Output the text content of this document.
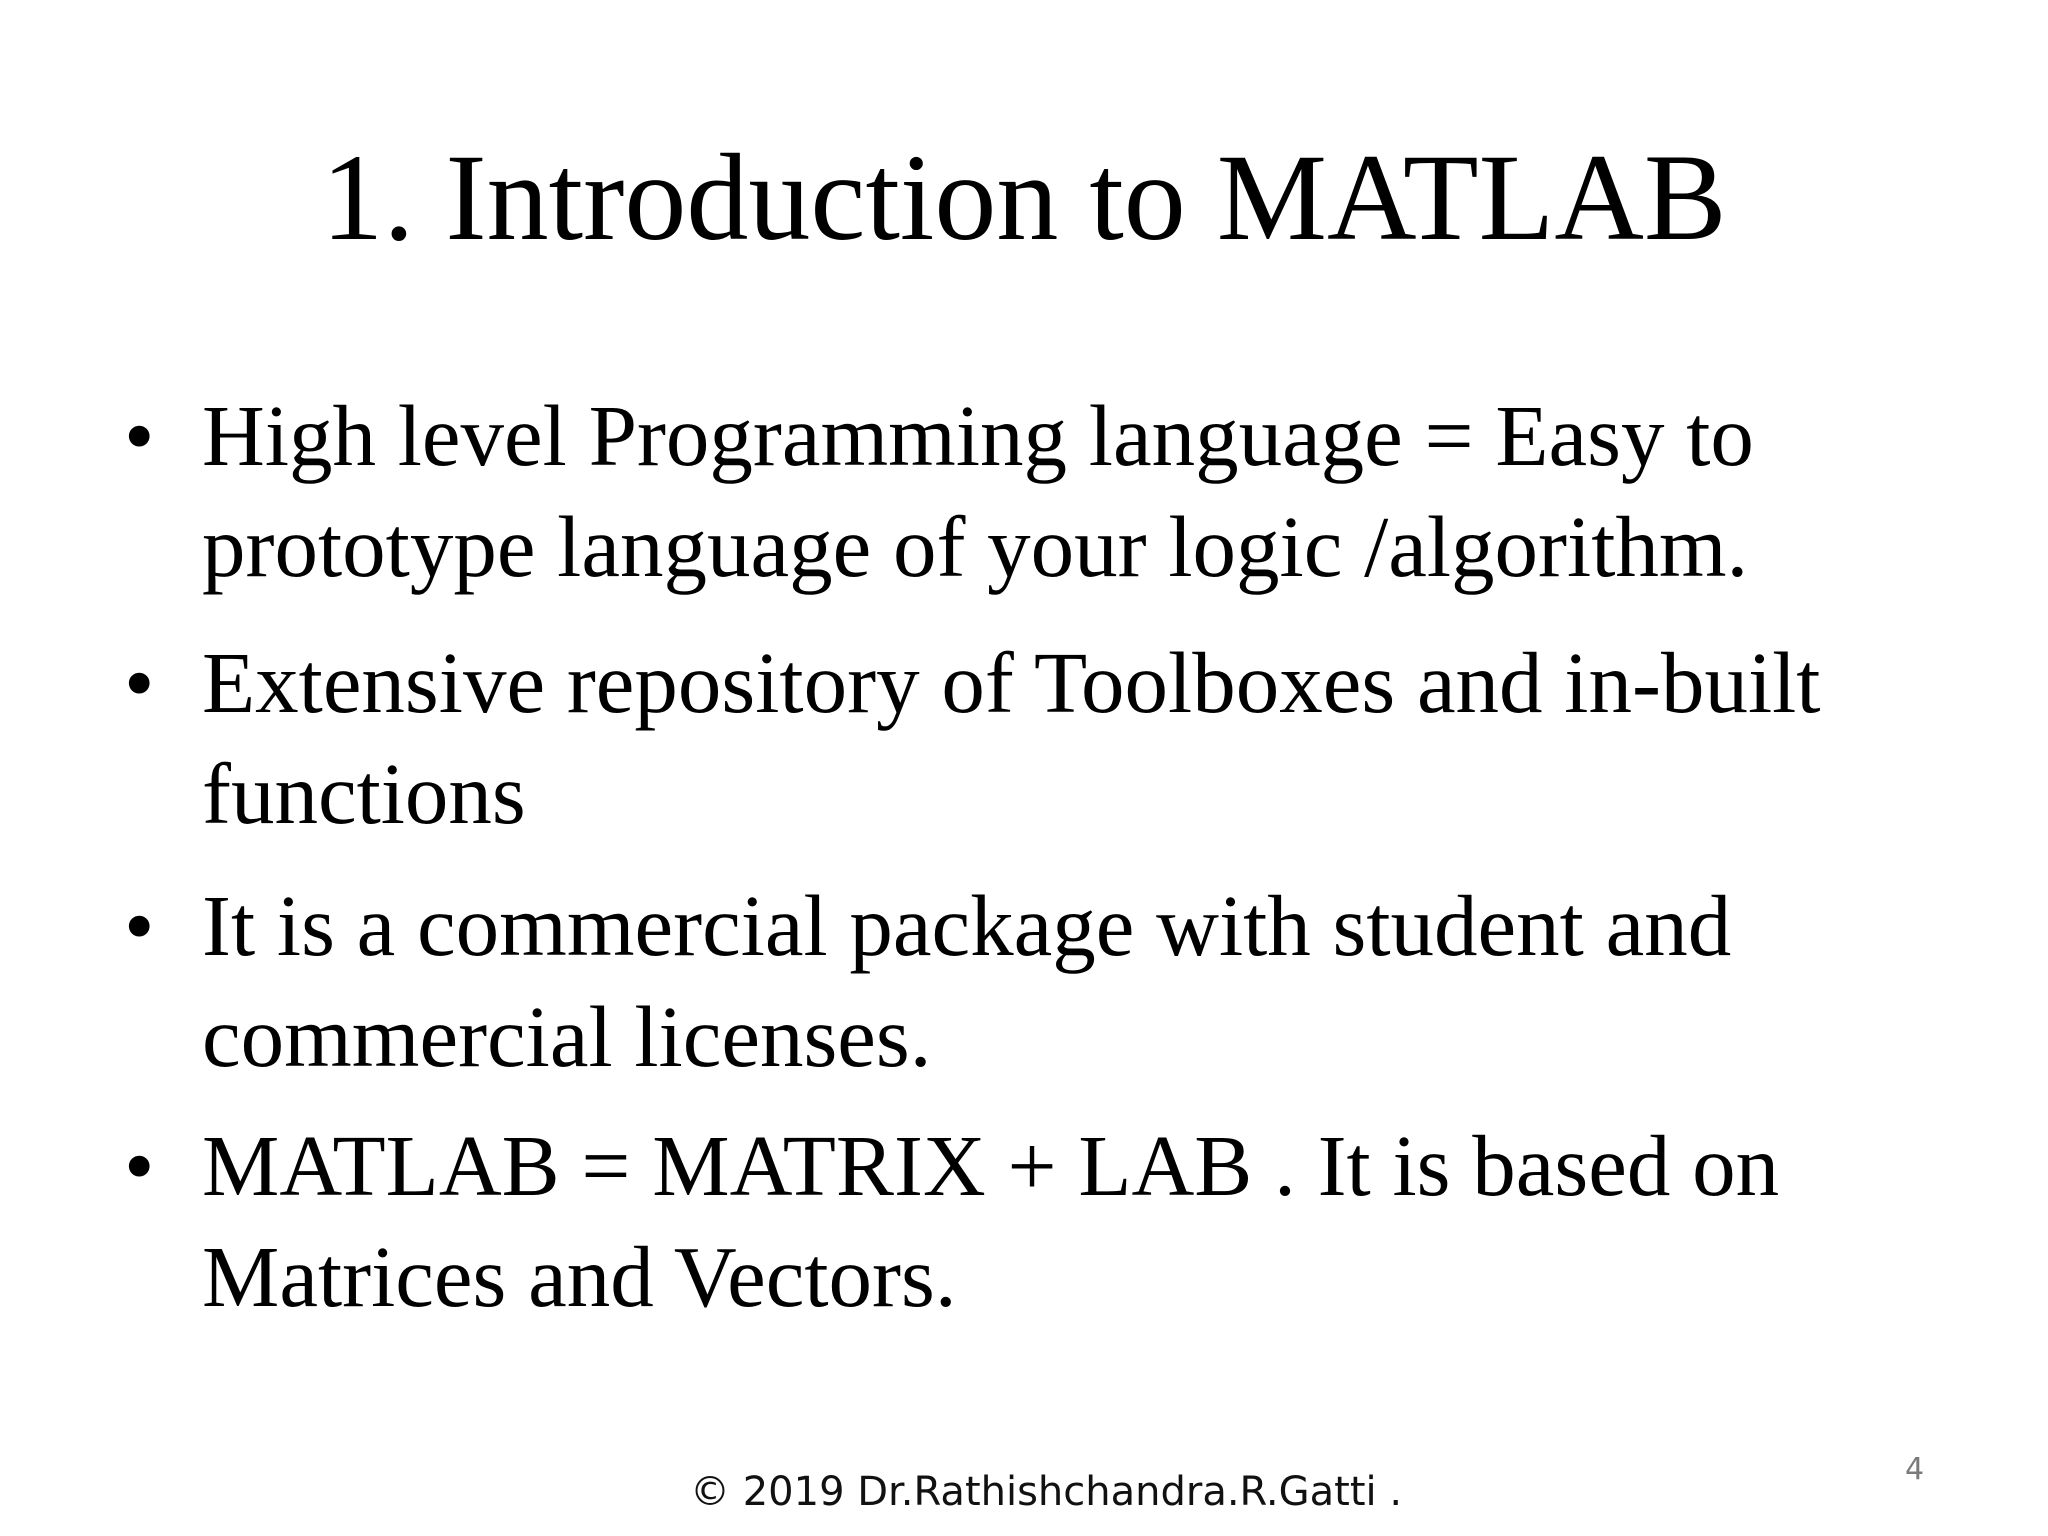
1. Introduction to MATLAB
• High level Programming language = Easy to
prototype language of your logic /algorithm.
• Extensive repository of Toolboxes and in-built
functions
• It is a commercial package with student and
commercial licenses.
• MATLAB = MATRIX + LAB . It is based on
Matrices and Vectors.
© 2019 Dr.Rathishchandra.R.Gatti .	4
